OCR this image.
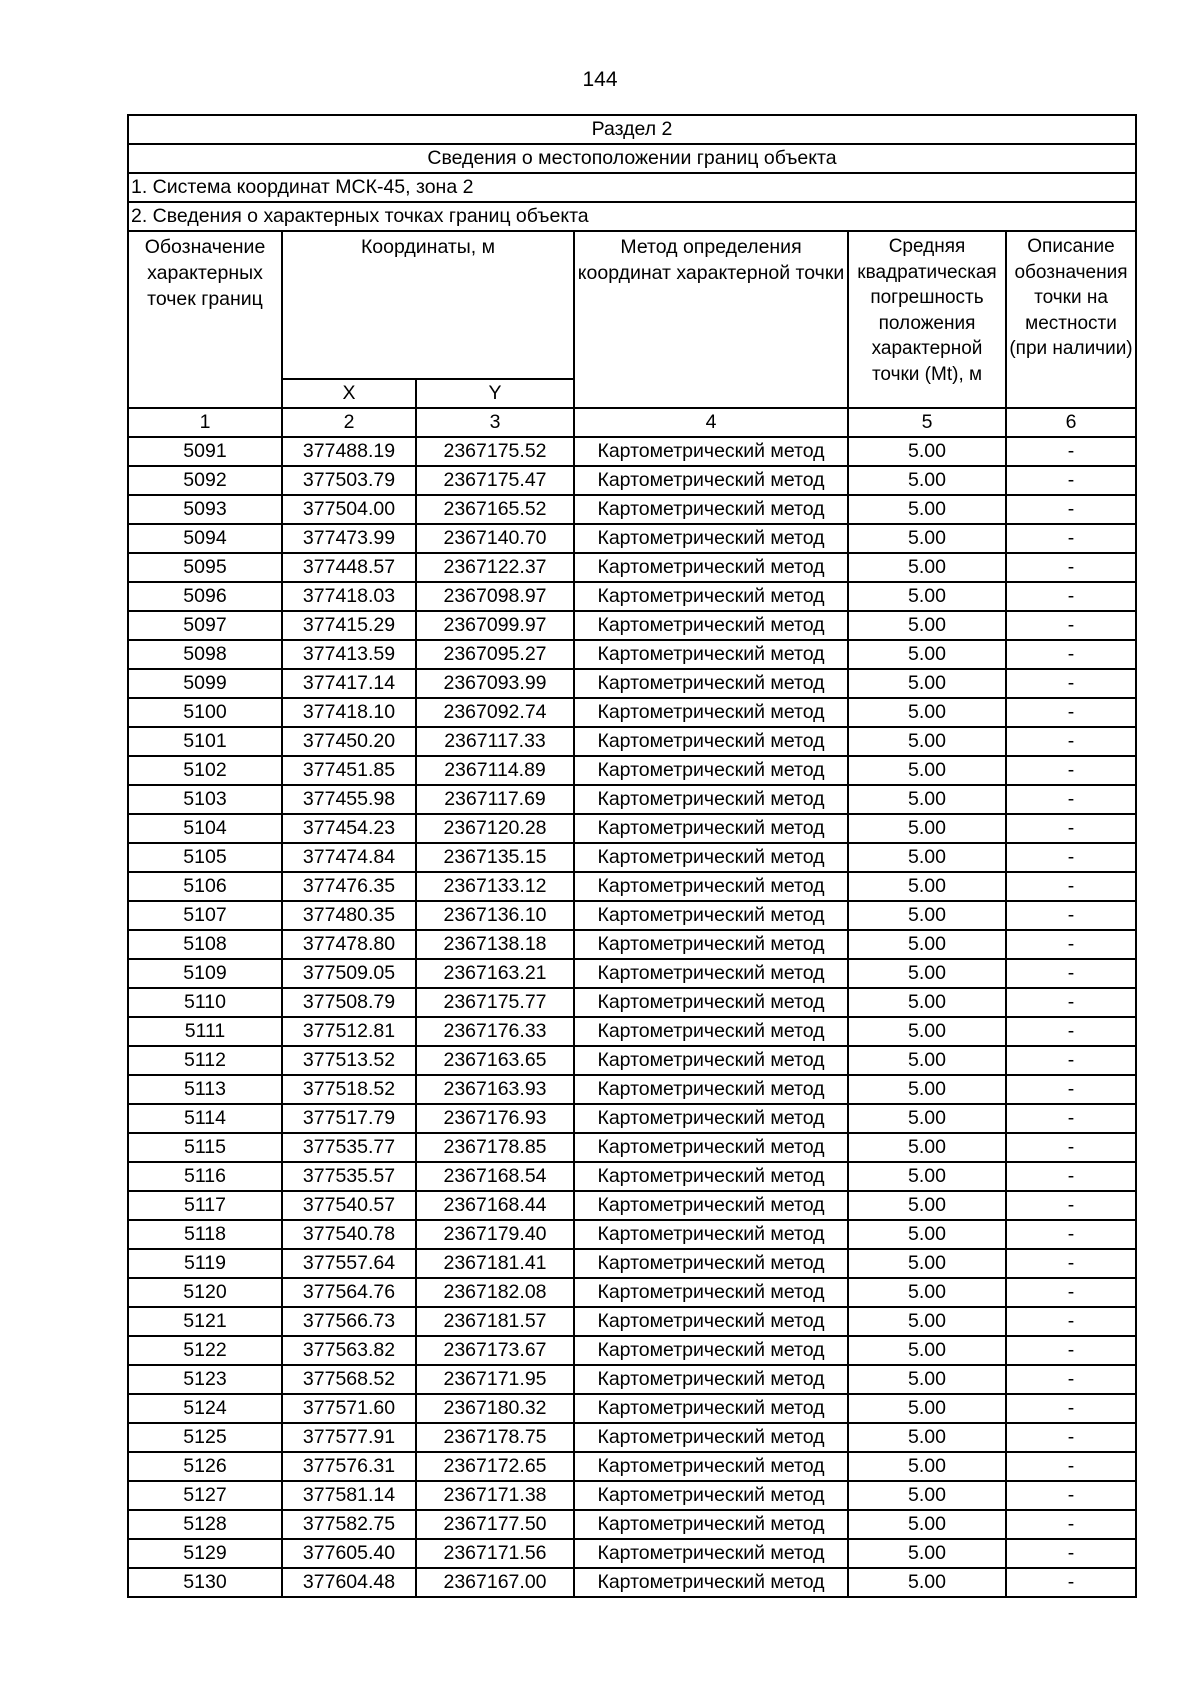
144
Раздел 2					
Сведения о местоположении границ объекта					
1. Система координат МСК-45, зона 2					
2. Сведения о характерных точках границ объекта					
Обозначение характерных точек границ	Координаты, м		Метод определения координат характерной точки	Средняя квадратическая погрешность положения характерной точки (Mt), м	Описание обозначения точки на местности (при наличии)
	X	Y			
1	2	3	4	5	6
5091	377488.19	2367175.52	Картометрический метод	5.00	-
5092	377503.79	2367175.47	Картометрический метод	5.00	-
5093	377504.00	2367165.52	Картометрический метод	5.00	-
5094	377473.99	2367140.70	Картометрический метод	5.00	-
5095	377448.57	2367122.37	Картометрический метод	5.00	-
5096	377418.03	2367098.97	Картометрический метод	5.00	-
5097	377415.29	2367099.97	Картометрический метод	5.00	-
5098	377413.59	2367095.27	Картометрический метод	5.00	-
5099	377417.14	2367093.99	Картометрический метод	5.00	-
5100	377418.10	2367092.74	Картометрический метод	5.00	-
5101	377450.20	2367117.33	Картометрический метод	5.00	-
5102	377451.85	2367114.89	Картометрический метод	5.00	-
5103	377455.98	2367117.69	Картометрический метод	5.00	-
5104	377454.23	2367120.28	Картометрический метод	5.00	-
5105	377474.84	2367135.15	Картометрический метод	5.00	-
5106	377476.35	2367133.12	Картометрический метод	5.00	-
5107	377480.35	2367136.10	Картометрический метод	5.00	-
5108	377478.80	2367138.18	Картометрический метод	5.00	-
5109	377509.05	2367163.21	Картометрический метод	5.00	-
5110	377508.79	2367175.77	Картометрический метод	5.00	-
5111	377512.81	2367176.33	Картометрический метод	5.00	-
5112	377513.52	2367163.65	Картометрический метод	5.00	-
5113	377518.52	2367163.93	Картометрический метод	5.00	-
5114	377517.79	2367176.93	Картометрический метод	5.00	-
5115	377535.77	2367178.85	Картометрический метод	5.00	-
5116	377535.57	2367168.54	Картометрический метод	5.00	-
5117	377540.57	2367168.44	Картометрический метод	5.00	-
5118	377540.78	2367179.40	Картометрический метод	5.00	-
5119	377557.64	2367181.41	Картометрический метод	5.00	-
5120	377564.76	2367182.08	Картометрический метод	5.00	-
5121	377566.73	2367181.57	Картометрический метод	5.00	-
5122	377563.82	2367173.67	Картометрический метод	5.00	-
5123	377568.52	2367171.95	Картометрический метод	5.00	-
5124	377571.60	2367180.32	Картометрический метод	5.00	-
5125	377577.91	2367178.75	Картометрический метод	5.00	-
5126	377576.31	2367172.65	Картометрический метод	5.00	-
5127	377581.14	2367171.38	Картометрический метод	5.00	-
5128	377582.75	2367177.50	Картометрический метод	5.00	-
5129	377605.40	2367171.56	Картометрический метод	5.00	-
5130	377604.48	2367167.00	Картометрический метод	5.00	-
